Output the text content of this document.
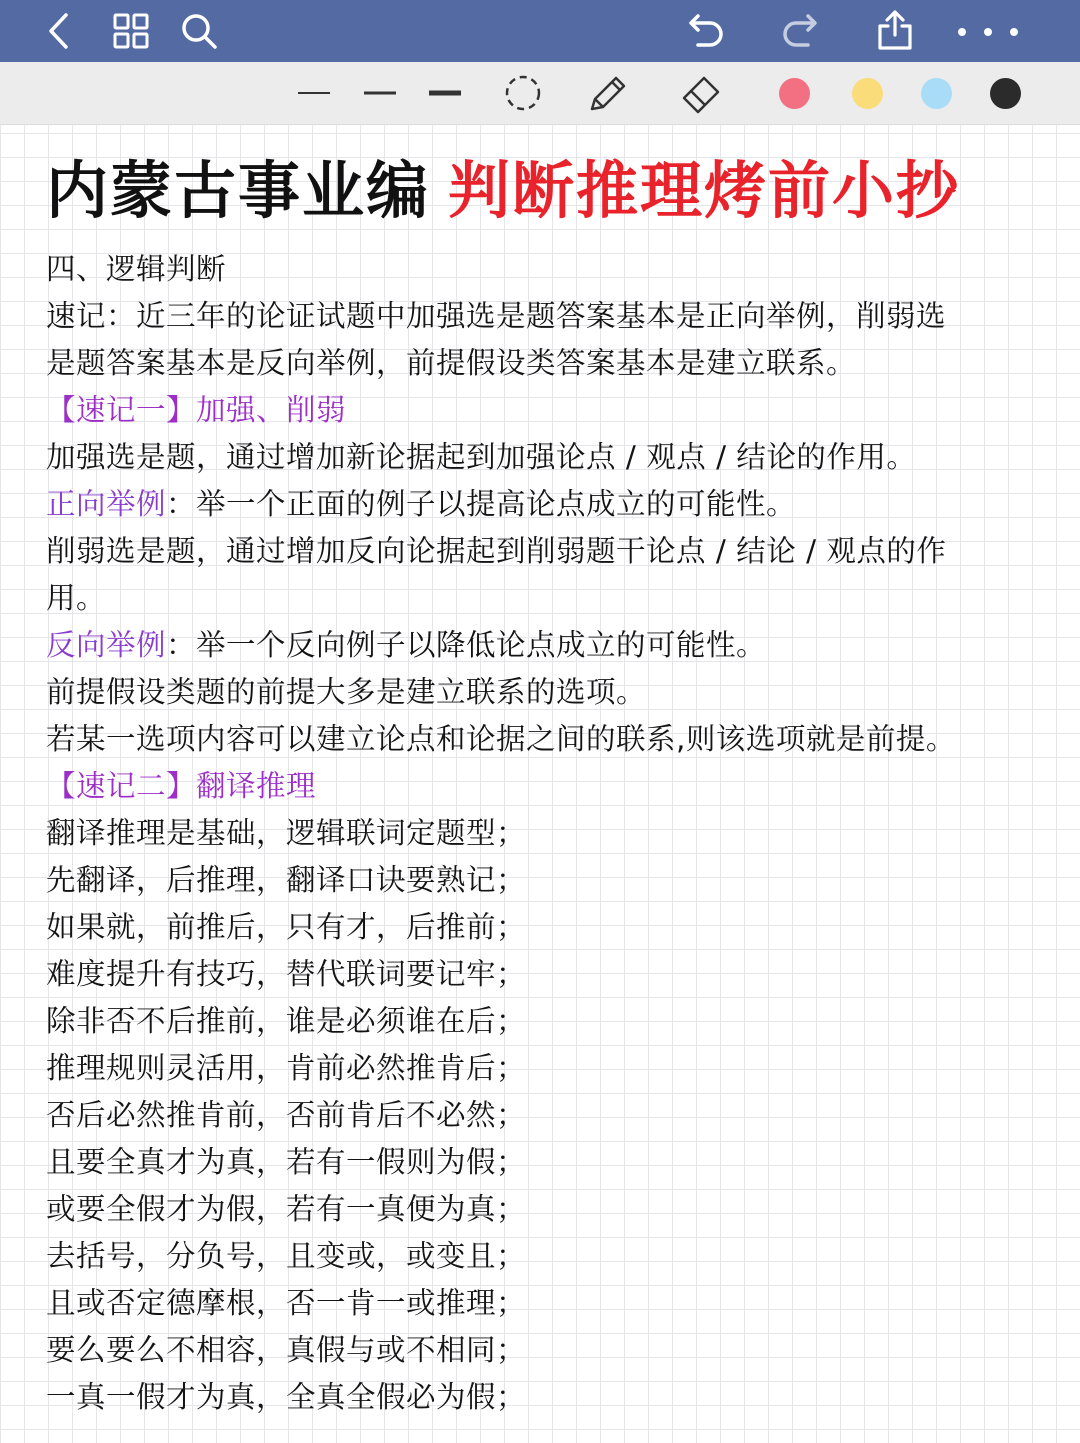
内蒙古事业编 判断推理烤前小抄
四、逻辑判断
速记：近三年的论证试题中加强选是题答案基本是正向举例，削弱选
是题答案基本是反向举例，前提假设类答案基本是建立联系。
【速记一】加强、削弱
加强选是题，通过增加新论据起到加强论点 / 观点 / 结论的作用。
正向举例：举一个正面的例子以提高论点成立的可能性。
削弱选是题，通过增加反向论据起到削弱题干论点 / 结论 / 观点的作
用。
反向举例：举一个反向例子以降低论点成立的可能性。
前提假设类题的前提大多是建立联系的选项。
若某一选项内容可以建立论点和论据之间的联系,则该选项就是前提。
【速记二】翻译推理
翻译推理是基础，逻辑联词定题型；
先翻译，后推理，翻译口诀要熟记；
如果就，前推后，只有才，后推前；
难度提升有技巧，替代联词要记牢；
除非否不后推前，谁是必须谁在后；
推理规则灵活用，肯前必然推肯后；
否后必然推肯前，否前肯后不必然；
且要全真才为真，若有一假则为假；
或要全假才为假，若有一真便为真；
去括号，分负号，且变或，或变且；
且或否定德摩根，否一肯一或推理；
要么要么不相容，真假与或不相同；
一真一假才为真，全真全假必为假；
